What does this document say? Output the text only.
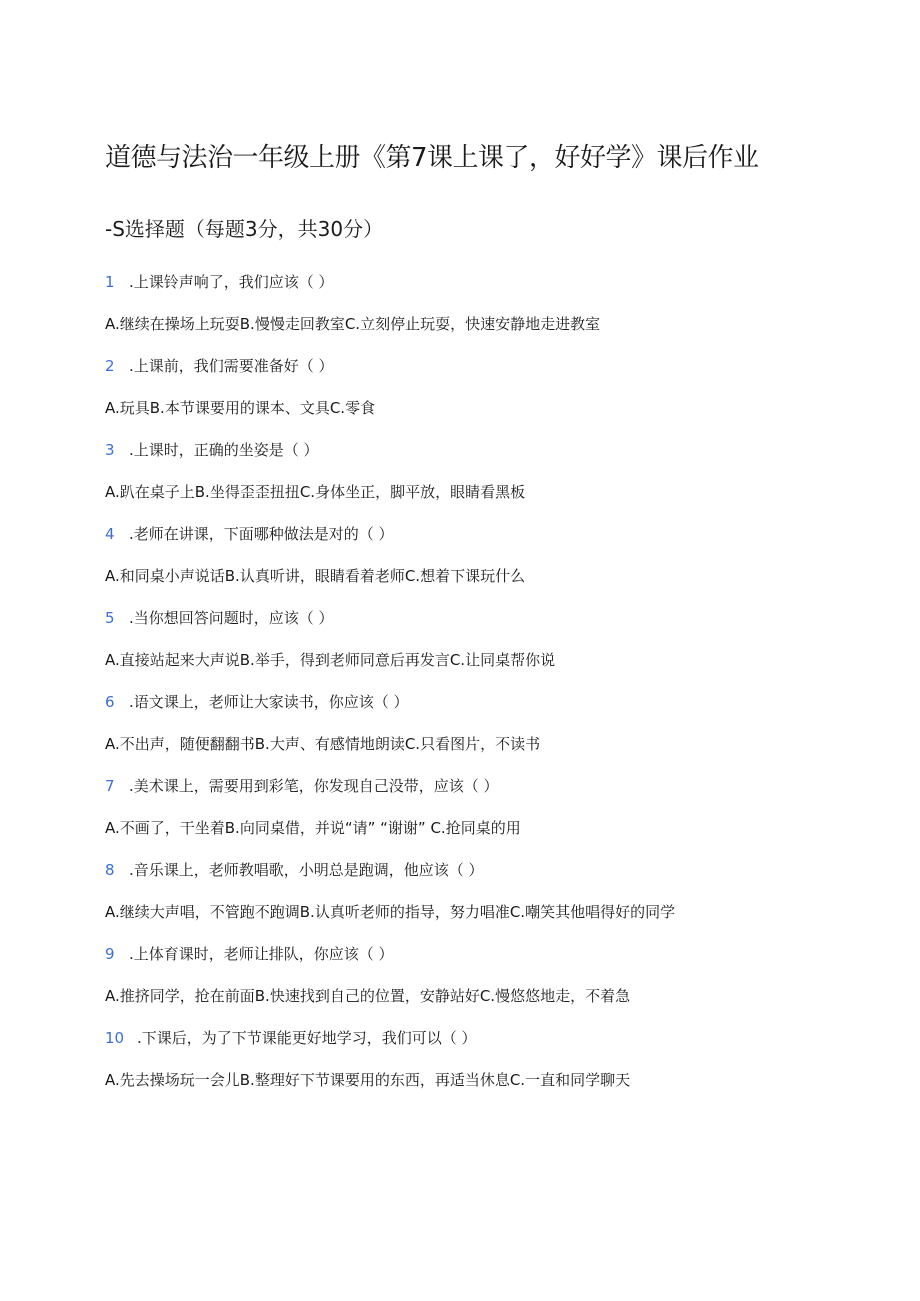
道德与法治一年级上册《第7课上课了，好好学》课后作业
-S选择题（每题3分，共30分）
1 .上课铃声响了，我们应该（ ）
A.继续在操场上玩耍B.慢慢走回教室C.立刻停止玩耍，快速安静地走进教室
2 .上课前，我们需要准备好（ ）
A.玩具B.本节课要用的课本、文具C.零食
3 .上课时，正确的坐姿是（ ）
A.趴在桌子上B.坐得歪歪扭扭C.身体坐正，脚平放，眼睛看黑板
4 .老师在讲课，下面哪种做法是对的（ ）
A.和同桌小声说话B.认真听讲，眼睛看着老师C.想着下课玩什么
5 .当你想回答问题时，应该（ ）
A.直接站起来大声说B.举手，得到老师同意后再发言C.让同桌帮你说
6 .语文课上，老师让大家读书，你应该（ ）
A.不出声，随便翻翻书B.大声、有感情地朗读C.只看图片，不读书
7 .美术课上，需要用到彩笔，你发现自己没带，应该（ ）
A.不画了，干坐着B.向同桌借，并说“请” “谢谢” C.抢同桌的用
8 .音乐课上，老师教唱歌，小明总是跑调，他应该（ ）
A.继续大声唱，不管跑不跑调B.认真听老师的指导，努力唱准C.嘲笑其他唱得好的同学
9 .上体育课时，老师让排队，你应该（ ）
A.推挤同学，抢在前面B.快速找到自己的位置，安静站好C.慢悠悠地走，不着急
10 .下课后，为了下节课能更好地学习，我们可以（ ）
A.先去操场玩一会儿B.整理好下节课要用的东西，再适当休息C.一直和同学聊天
